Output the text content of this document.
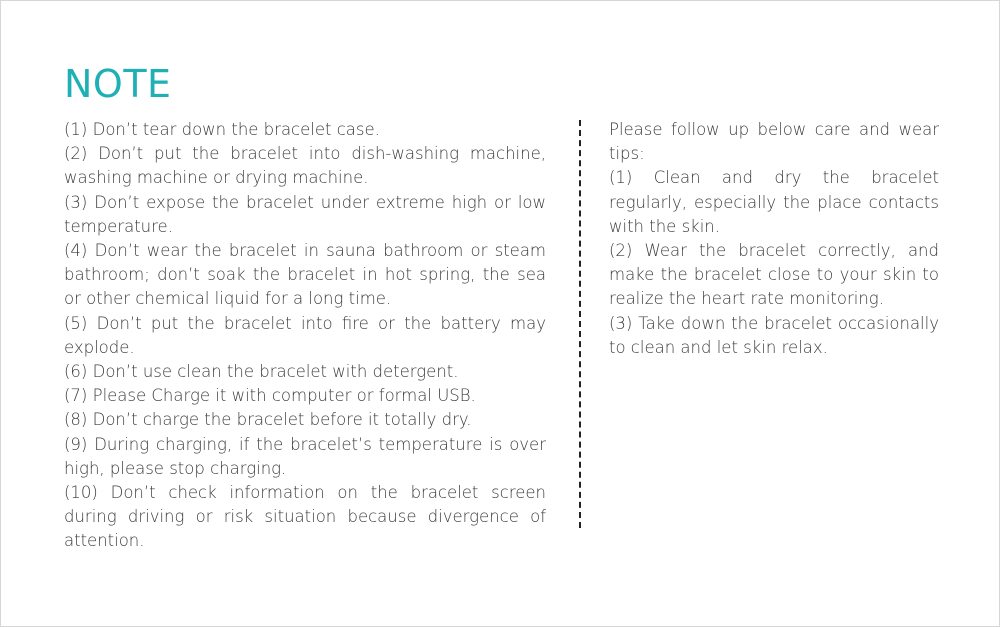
NOTE

(1) Don’t tear down the bracelet case.

(2) Don’t put the bracelet into dish-washing machine, washing machine or drying machine.

(3) Don’t expose the bracelet under extreme high or low temperature.

(4) Don’t wear the bracelet in sauna bathroom or steam bathroom; don’t soak the bracelet in hot spring, the sea or other chemical liquid for a long time.

(5) Don’t put the bracelet into fire or the battery may explode.

(6) Don’t use clean the bracelet with detergent.

(7) Please Charge it with computer or formal USB.

(8) Don’t charge the bracelet before it totally dry.

(9) During charging, if the bracelet’s temperature is over high, please stop charging.

(10) Don’t check information on the bracelet screen during driving or risk situation because divergence of attention.

Please follow up below care and wear tips:

(1) Clean and dry the bracelet regularly, especially the place contacts with the skin.

(2) Wear the bracelet correctly, and make the bracelet close to your skin to realize the heart rate monitoring.

(3) Take down the bracelet occasionally to clean and let skin relax.
